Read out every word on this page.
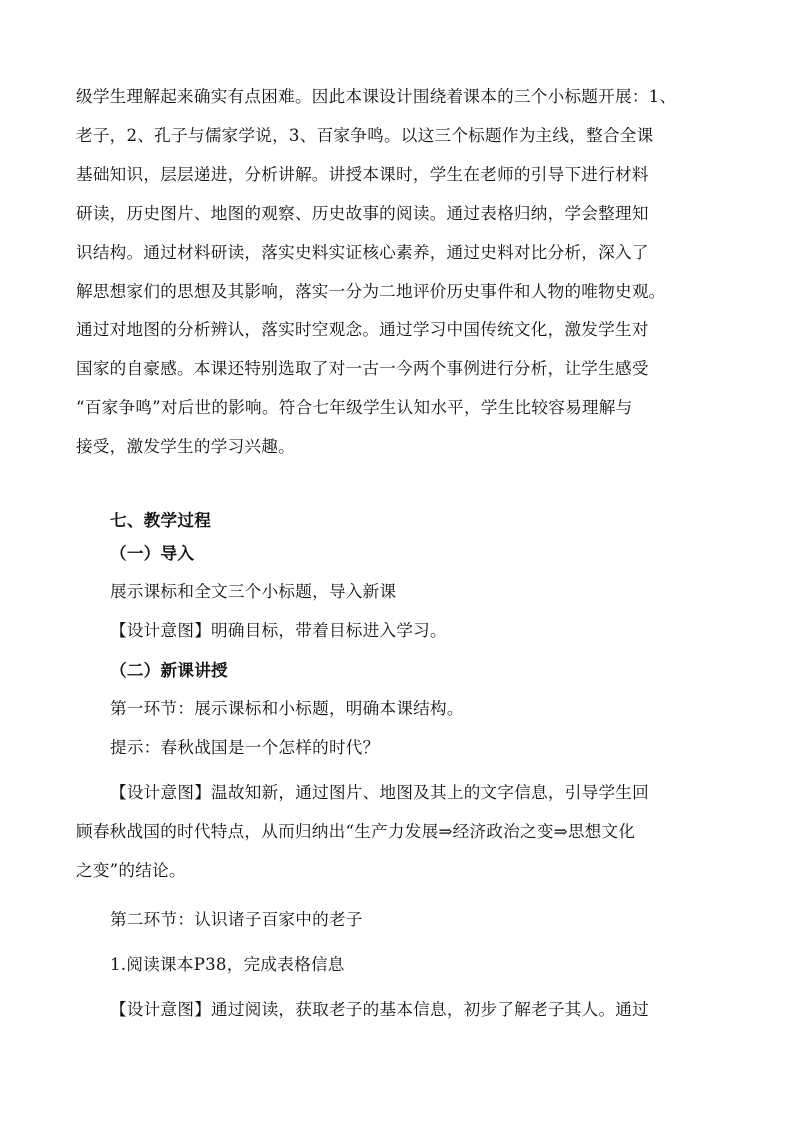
级学生理解起来确实有点困难。因此本课设计围绕着课本的三个小标题开展：1、
老子，2、孔子与儒家学说，3、百家争鸣。以这三个标题作为主线，整合全课
基础知识，层层递进，分析讲解。讲授本课时，学生在老师的引导下进行材料
研读，历史图片、地图的观察、历史故事的阅读。通过表格归纳，学会整理知
识结构。通过材料研读，落实史料实证核心素养，通过史料对比分析，深入了
解思想家们的思想及其影响，落实一分为二地评价历史事件和人物的唯物史观。
通过对地图的分析辨认，落实时空观念。通过学习中国传统文化，激发学生对
国家的自豪感。本课还特别选取了对一古一今两个事例进行分析，让学生感受
“百家争鸣”对后世的影响。符合七年级学生认知水平，学生比较容易理解与
接受，激发学生的学习兴趣。
七、教学过程
（一）导入
展示课标和全文三个小标题，导入新课
【设计意图】明确目标，带着目标进入学习。
（二）新课讲授
第一环节：展示课标和小标题，明确本课结构。
提示：春秋战国是一个怎样的时代？
【设计意图】温故知新，通过图片、地图及其上的文字信息，引导学生回
顾春秋战国的时代特点，从而归纳出“生产力发展⇒经济政治之变⇒思想文化
之变”的结论。
第二环节：认识诸子百家中的老子
1.阅读课本P38，完成表格信息
【设计意图】通过阅读，获取老子的基本信息，初步了解老子其人。通过
